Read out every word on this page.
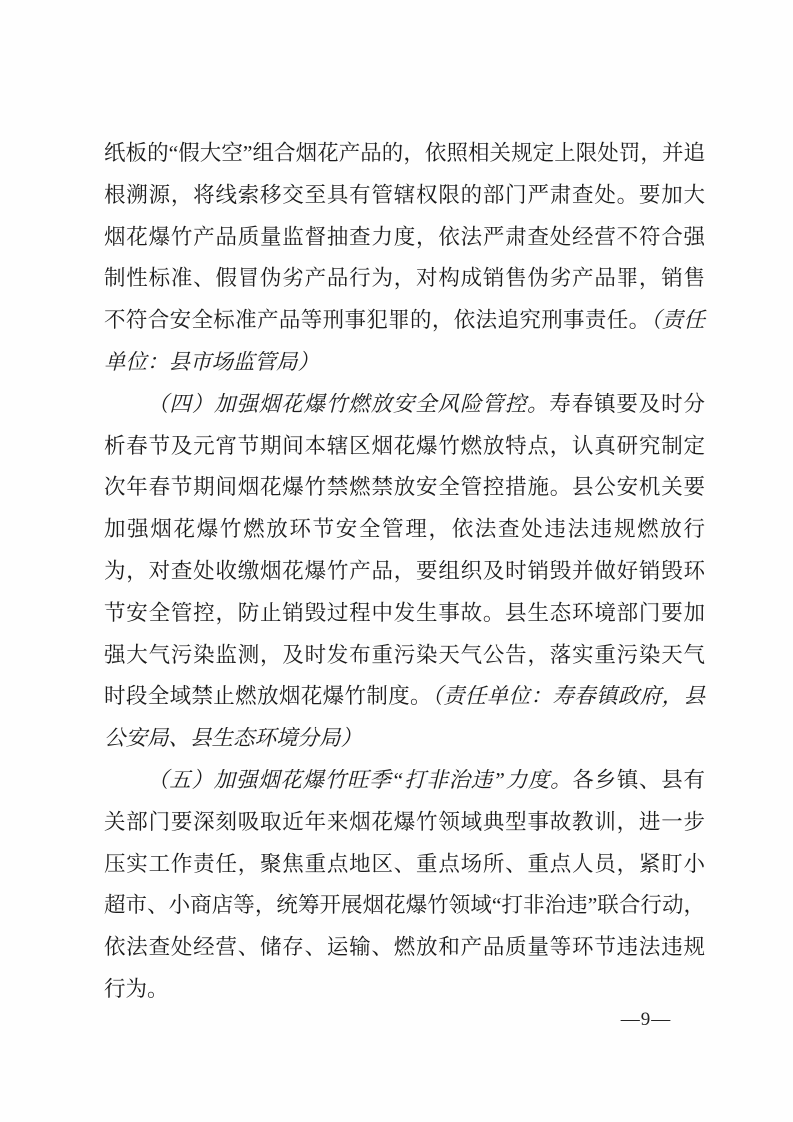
纸板的“假大空”组合烟花产品的，依照相关规定上限处罚，并追根溯源，将线索移交至具有管辖权限的部门严肃查处。要加大烟花爆竹产品质量监督抽查力度，依法严肃查处经营不符合强制性标准、假冒伪劣产品行为，对构成销售伪劣产品罪，销售不符合安全标准产品等刑事犯罪的，依法追究刑事责任。（责任单位：县市场监管局）

（四）加强烟花爆竹燃放安全风险管控。寿春镇要及时分析春节及元宵节期间本辖区烟花爆竹燃放特点，认真研究制定次年春节期间烟花爆竹禁燃禁放安全管控措施。县公安机关要加强烟花爆竹燃放环节安全管理，依法查处违法违规燃放行为，对查处收缴烟花爆竹产品，要组织及时销毁并做好销毁环节安全管控，防止销毁过程中发生事故。县生态环境部门要加强大气污染监测，及时发布重污染天气公告，落实重污染天气时段全域禁止燃放烟花爆竹制度。（责任单位：寿春镇政府，县公安局、县生态环境分局）

（五）加强烟花爆竹旺季“打非治违”力度。各乡镇、县有关部门要深刻吸取近年来烟花爆竹领域典型事故教训，进一步压实工作责任，聚焦重点地区、重点场所、重点人员，紧盯小超市、小商店等，统筹开展烟花爆竹领域“打非治违”联合行动，依法查处经营、储存、运输、燃放和产品质量等环节违法违规行为。

—9—
